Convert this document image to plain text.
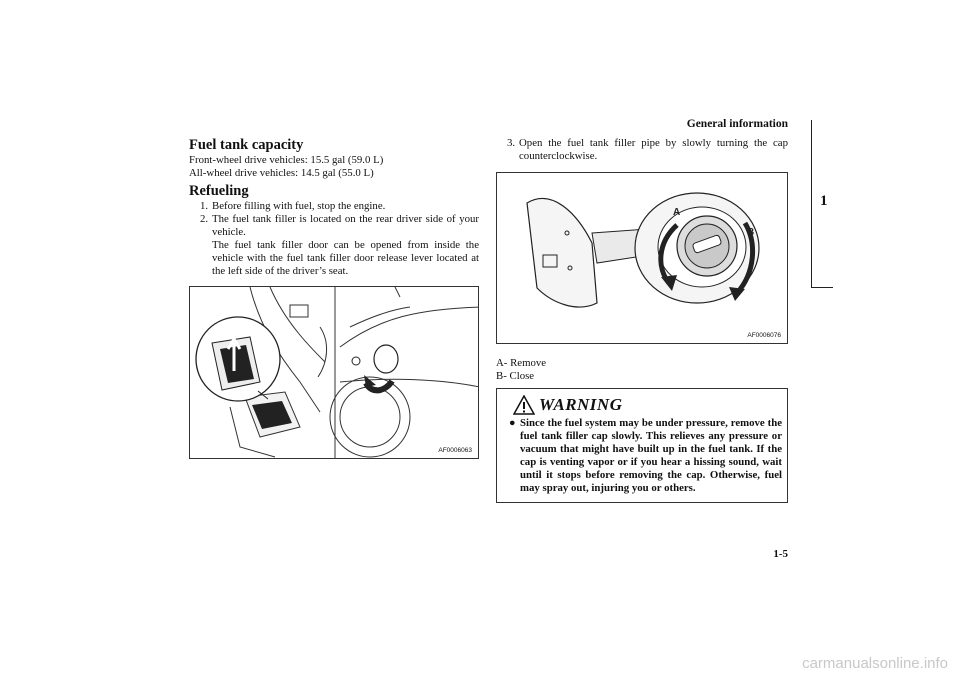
General information
1
Fuel tank capacity
Front-wheel drive vehicles: 15.5 gal (59.0 L)
All-wheel drive vehicles: 14.5 gal (55.0 L)
Refueling
1. Before filling with fuel, stop the engine.
2. The fuel tank filler is located on the rear driver side of your vehicle.
The fuel tank filler door can be opened from inside the vehicle with the fuel tank filler door release lever located at the left side of the driver’s seat.
AF0006063
3. Open the fuel tank filler pipe by slowly turning the cap counterclockwise.
A
B
AF0006076
A- Remove
B- Close
WARNING
● Since the fuel system may be under pressure, remove the fuel tank filler cap slowly. This relieves any pressure or vacuum that might have built up in the fuel tank. If the cap is venting vapor or if you hear a hissing sound, wait until it stops before removing the cap. Otherwise, fuel may spray out, injuring you or others.
1-5
carmanualsonline.info
